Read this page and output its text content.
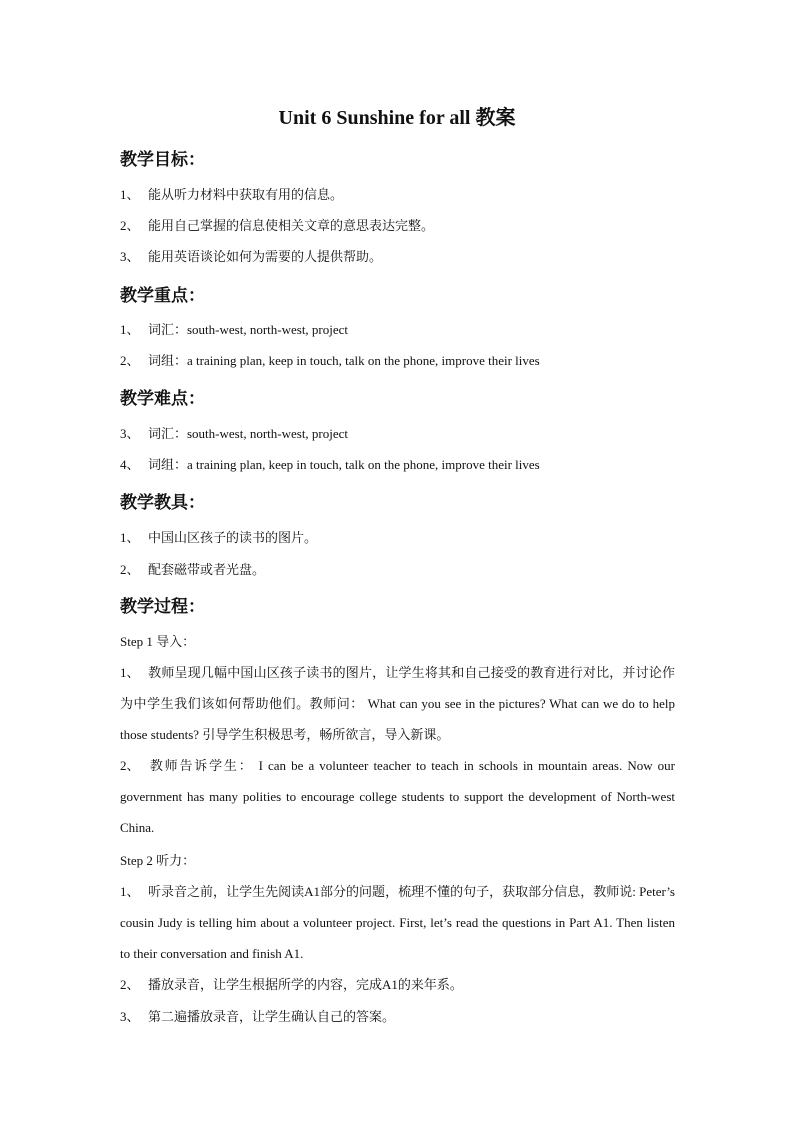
Unit 6 Sunshine for all 教案
教学目标：
1、 能从听力材料中获取有用的信息。
2、 能用自己掌握的信息使相关文章的意思表达完整。
3、 能用英语谈论如何为需要的人提供帮助。
教学重点：
1、 词汇：south-west, north-west, project
2、 词组：a training plan, keep in touch, talk on the phone, improve their lives
教学难点：
3、 词汇：south-west, north-west, project
4、 词组：a training plan, keep in touch, talk on the phone, improve their lives
教学教具：
1、 中国山区孩子的读书的图片。
2、 配套磁带或者光盘。
教学过程：
Step 1 导入：
1、 教师呈现几幅中国山区孩子读书的图片，让学生将其和自己接受的教育进行对比，并讨论作为中学生我们该如何帮助他们。教师问： What can you see in the pictures? What can we do to help those students? 引导学生积极思考，畅所欲言，导入新课。
2、 教师告诉学生： I can be a volunteer teacher to teach in schools in mountain areas. Now our government has many polities to encourage college students to support the development of North-west China.
Step 2 听力：
1、 听录音之前，让学生先阅读A1部分的问题，梳理不懂的句子，获取部分信息，教师说: Peter’s cousin Judy is telling him about a volunteer project. First, let’s read the questions in Part A1. Then listen to their conversation and finish A1.
2、 播放录音，让学生根据所学的内容，完成A1的来年系。
3、 第二遍播放录音，让学生确认自己的答案。
